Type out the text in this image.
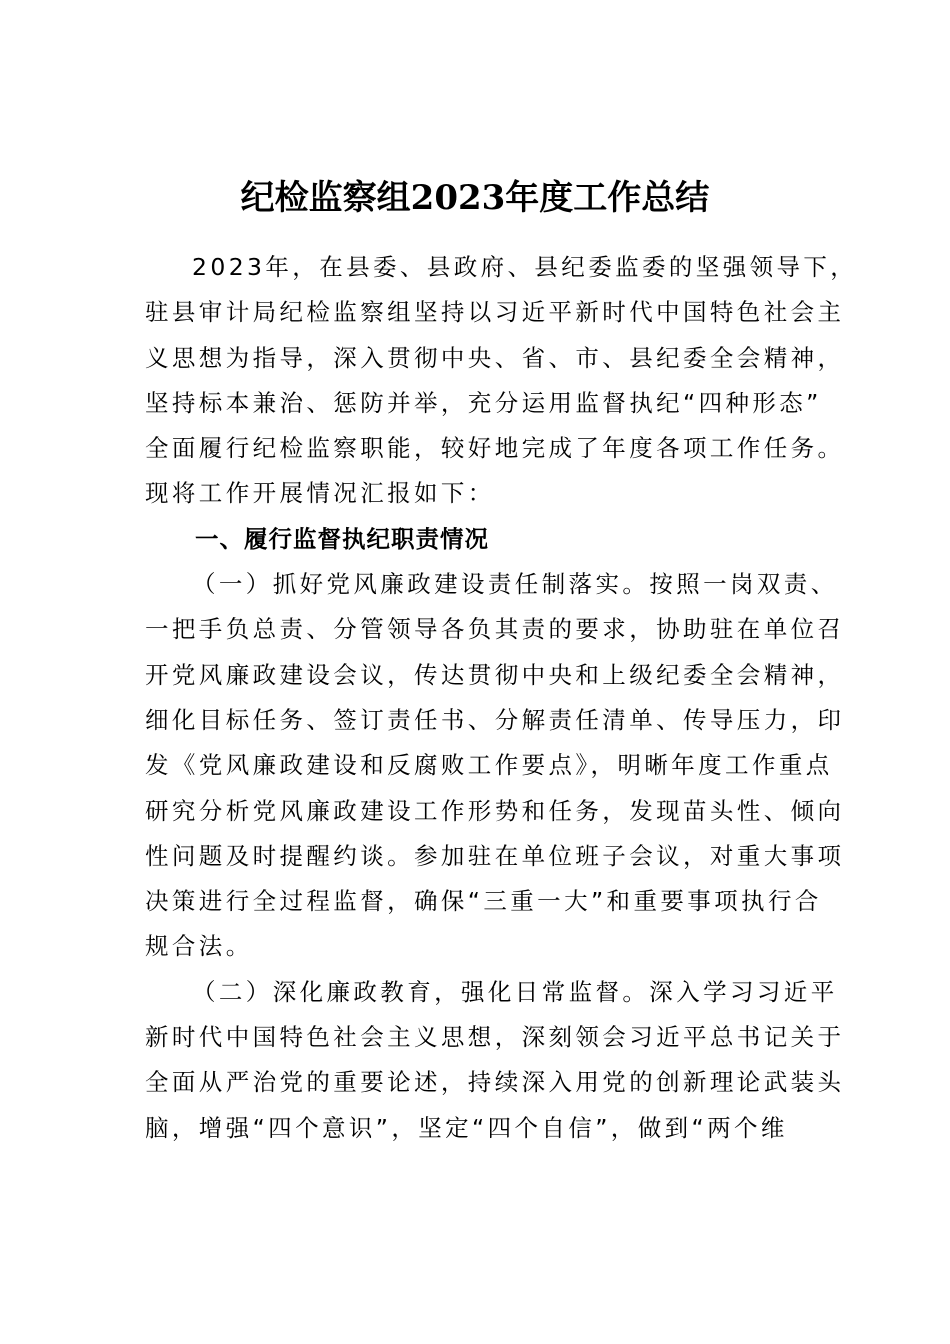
纪检监察组2023年度工作总结
2023年，在县委、县政府、县纪委监委的坚强领导下，
驻县审计局纪检监察组坚持以习近平新时代中国特色社会主
义思想为指导，深入贯彻中央、省、市、县纪委全会精神，
坚持标本兼治、惩防并举，充分运用监督执纪“四种形态”
全面履行纪检监察职能，较好地完成了年度各项工作任务。
现将工作开展情况汇报如下：
一、履行监督执纪职责情况
（一）抓好党风廉政建设责任制落实。按照一岗双责、
一把手负总责、分管领导各负其责的要求，协助驻在单位召
开党风廉政建设会议，传达贯彻中央和上级纪委全会精神，
细化目标任务、签订责任书、分解责任清单、传导压力，印
发《党风廉政建设和反腐败工作要点》，明晰年度工作重点
研究分析党风廉政建设工作形势和任务，发现苗头性、倾向
性问题及时提醒约谈。参加驻在单位班子会议，对重大事项
决策进行全过程监督，确保“三重一大”和重要事项执行合
规合法。
（二）深化廉政教育，强化日常监督。深入学习习近平
新时代中国特色社会主义思想，深刻领会习近平总书记关于
全面从严治党的重要论述，持续深入用党的创新理论武装头
脑，增强“四个意识”，坚定“四个自信”，做到“两个维
